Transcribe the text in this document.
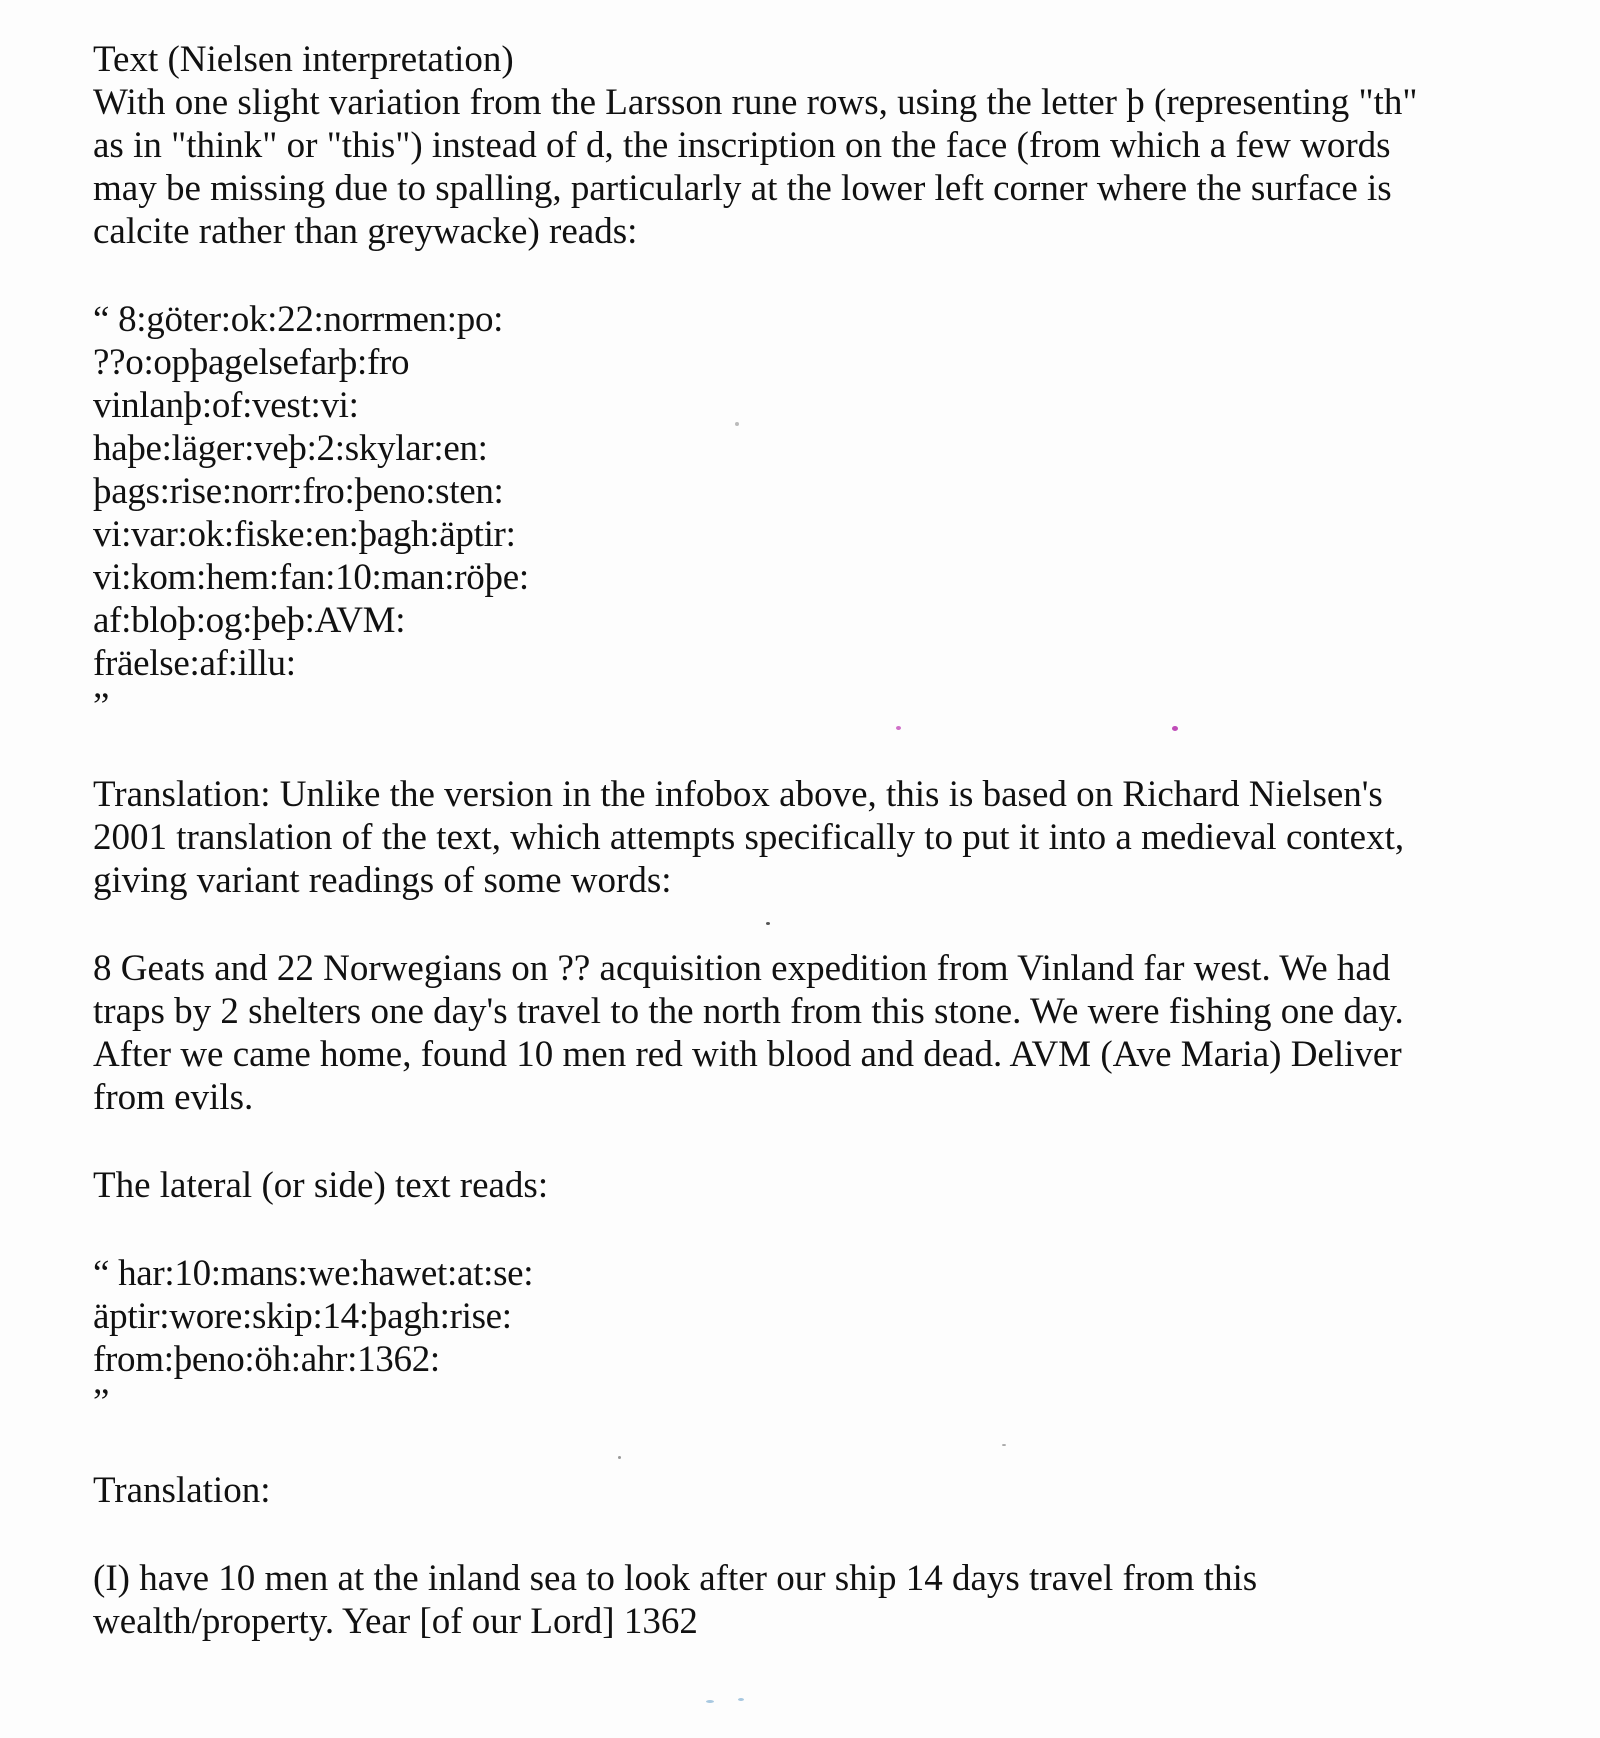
Text (Nielsen interpretation)

With one slight variation from the Larsson rune rows, using the letter þ (representing "th"
as in "think" or "this") instead of d, the inscription on the face (from which a few words
may be missing due to spalling, particularly at the lower left corner where the surface is
calcite rather than greywacke) reads:

“ 8:göter:ok:22:norrmen:po:
??o:opþagelsefarþ:fro
vinlanþ:of:vest:vi:
haþe:läger:veþ:2:skylar:en:
þags:rise:norr:fro:þeno:sten:
vi:var:ok:fiske:en:þagh:äptir:
vi:kom:hem:fan:10:man:röþe:
af:bloþ:og:þeþ:AVM:
fräelse:af:illu:
”

Translation: Unlike the version in the infobox above, this is based on Richard Nielsen's
2001 translation of the text, which attempts specifically to put it into a medieval context,
giving variant readings of some words:

8 Geats and 22 Norwegians on ?? acquisition expedition from Vinland far west. We had
traps by 2 shelters one day's travel to the north from this stone. We were fishing one day.
After we came home, found 10 men red with blood and dead. AVM (Ave Maria) Deliver
from evils.

The lateral (or side) text reads:

“ har:10:mans:we:hawet:at:se:
äptir:wore:skip:14:þagh:rise:
from:þeno:öh:ahr:1362:
”

Translation:

(I) have 10 men at the inland sea to look after our ship 14 days travel from this
wealth/property. Year [of our Lord] 1362
